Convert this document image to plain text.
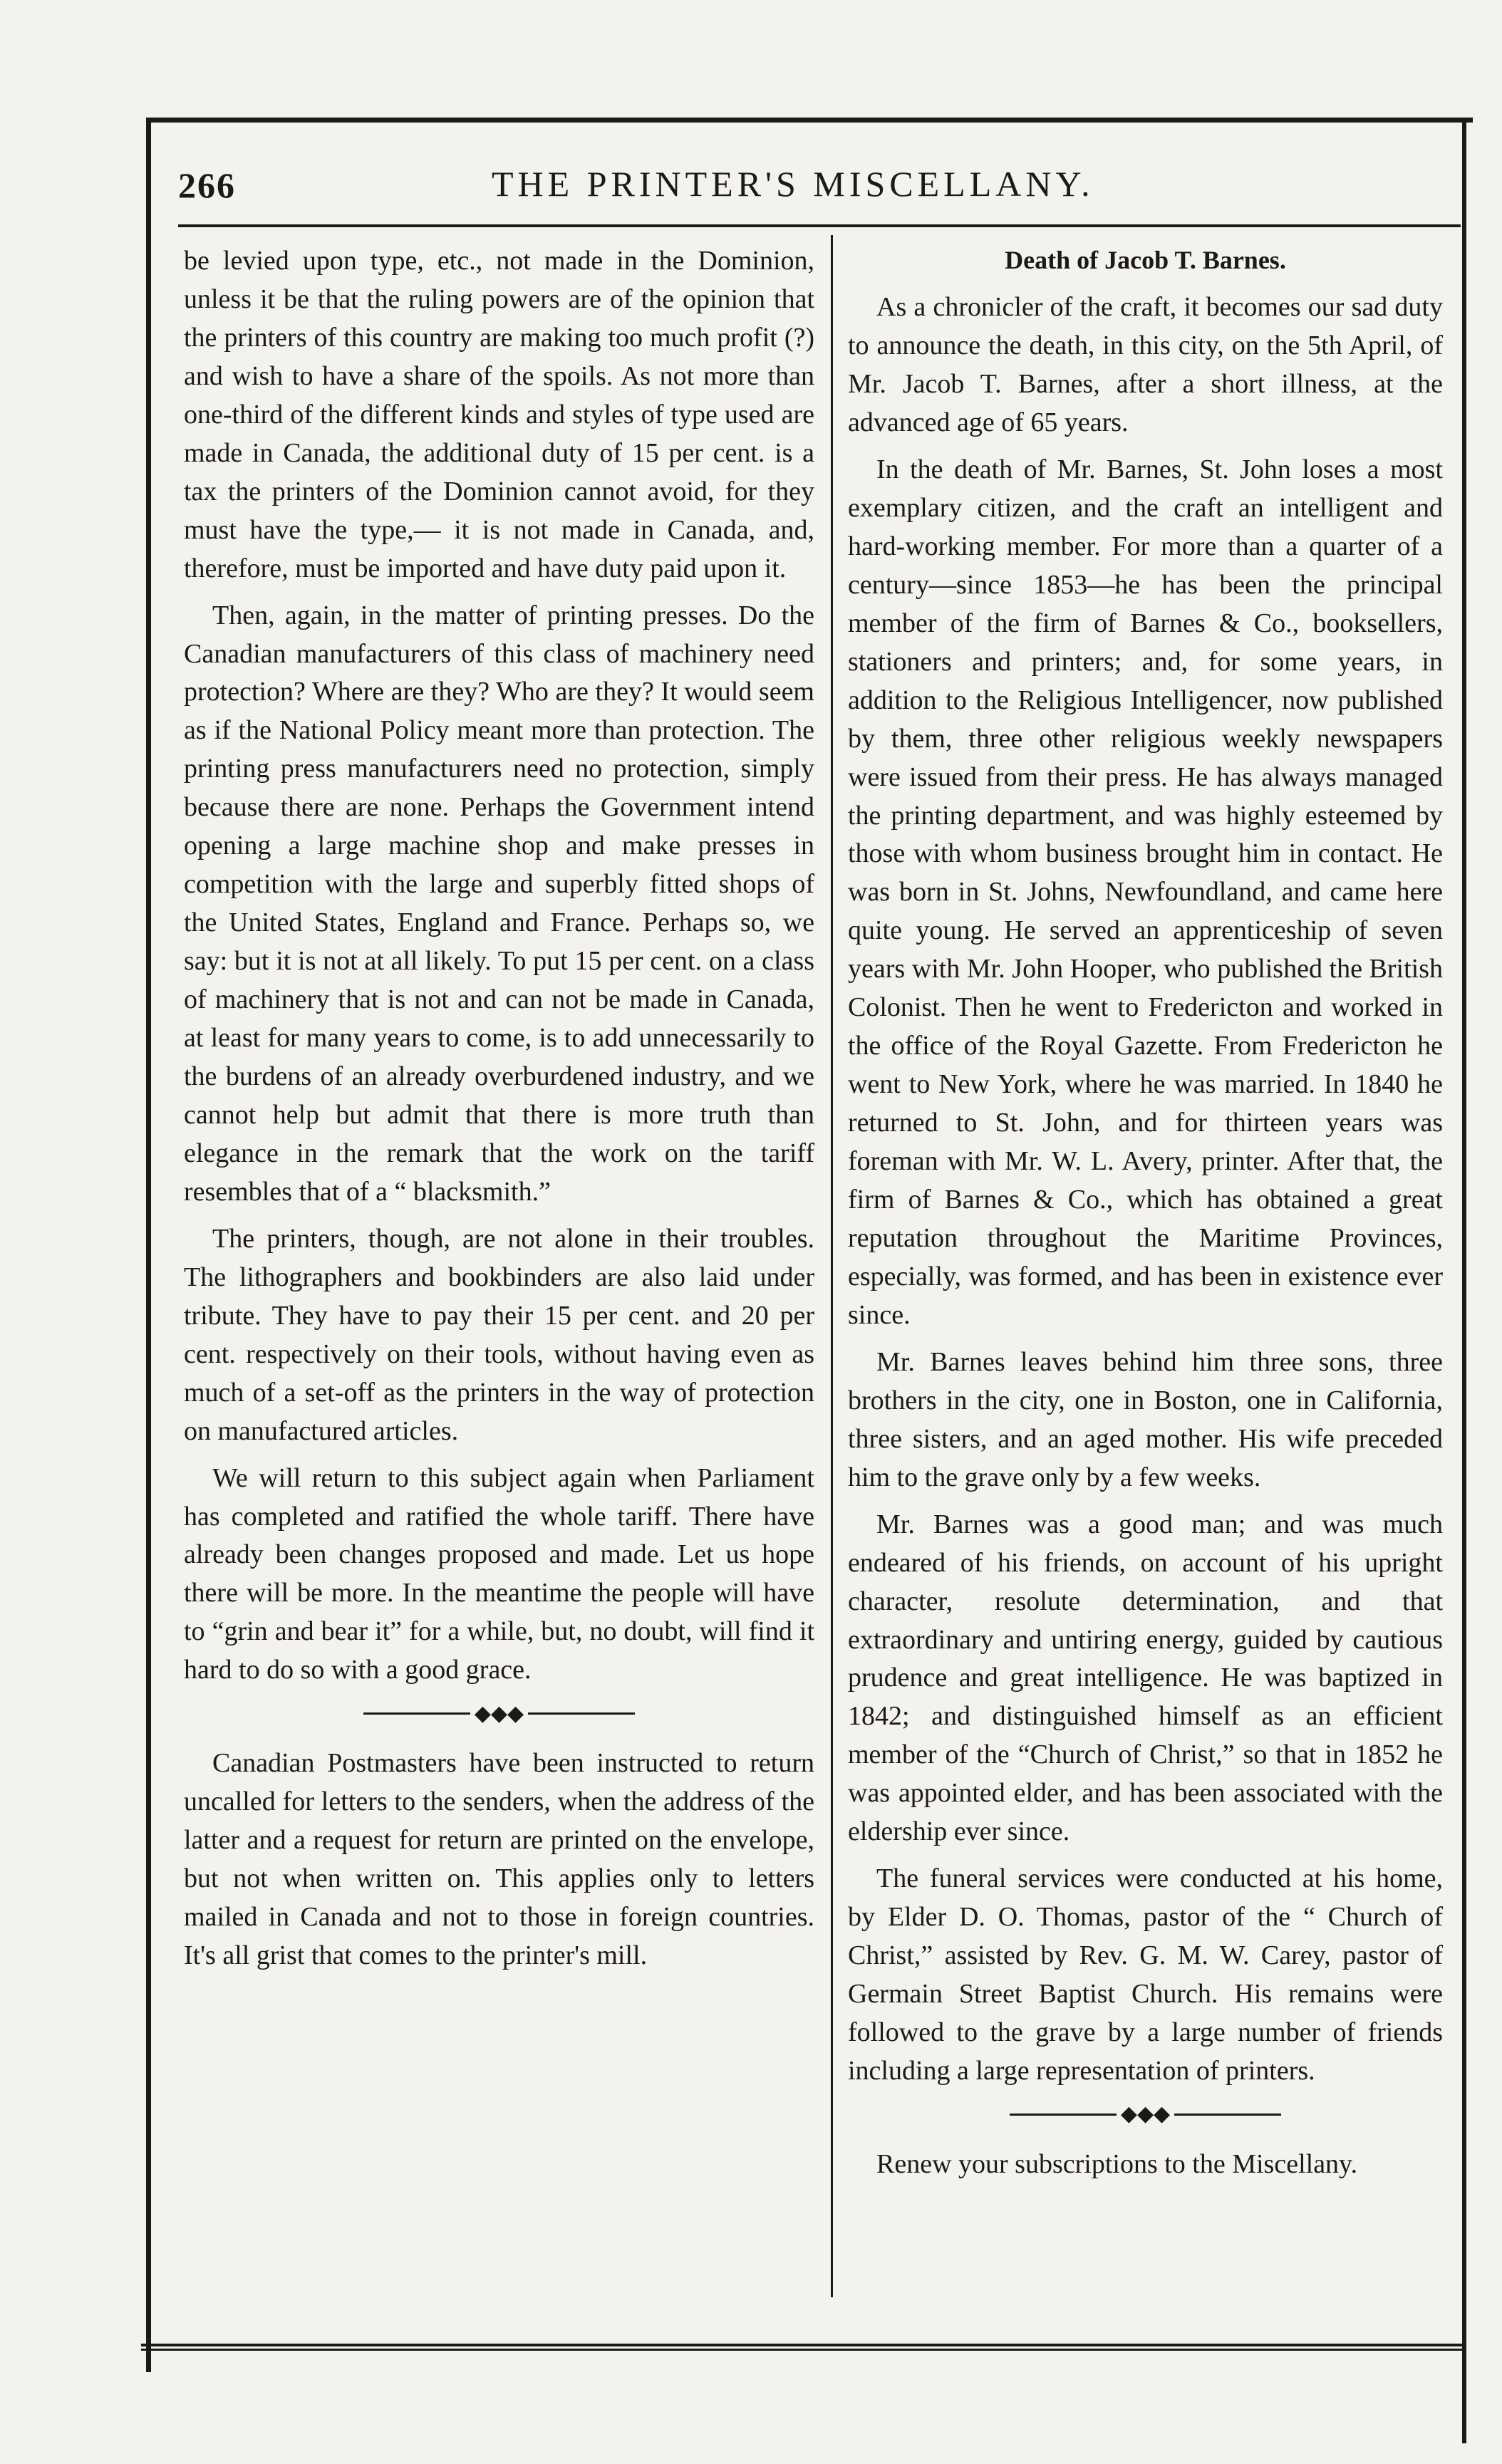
266	THE PRINTER'S MISCELLANY.

be levied upon type, etc., not made in the Dominion, unless it be that the ruling powers are of the opinion that the printers of this country are making too much profit (?) and wish to have a share of the spoils. As not more than one-third of the different kinds and styles of type used are made in Canada, the additional duty of 15 per cent. is a tax the printers of the Dominion cannot avoid, for they must have the type,— it is not made in Canada, and, therefore, must be imported and have duty paid upon it.

Then, again, in the matter of printing presses. Do the Canadian manufacturers of this class of machinery need protection? Where are they? Who are they? It would seem as if the National Policy meant more than protection. The printing press manufacturers need no protection, simply because there are none. Perhaps the Government intend opening a large machine shop and make presses in competition with the large and superbly fitted shops of the United States, England and France. Perhaps so, we say: but it is not at all likely. To put 15 per cent. on a class of machinery that is not and can not be made in Canada, at least for many years to come, is to add unnecessarily to the burdens of an already overburdened industry, and we cannot help but admit that there is more truth than elegance in the remark that the work on the tariff resembles that of a “ blacksmith.”

The printers, though, are not alone in their troubles. The lithographers and bookbinders are also laid under tribute. They have to pay their 15 per cent. and 20 per cent. respectively on their tools, without having even as much of a set-off as the printers in the way of protection on manufactured articles.

We will return to this subject again when Parliament has completed and ratified the whole tariff. There have already been changes proposed and made. Let us hope there will be more. In the meantime the people will have to “grin and bear it” for a while, but, no doubt, will find it hard to do so with a good grace.

◆◆◆

Canadian Postmasters have been instructed to return uncalled for letters to the senders, when the address of the latter and a request for return are printed on the envelope, but not when written on. This applies only to letters mailed in Canada and not to those in foreign countries. It's all grist that comes to the printer's mill.

Death of Jacob T. Barnes.

As a chronicler of the craft, it becomes our sad duty to announce the death, in this city, on the 5th April, of Mr. Jacob T. Barnes, after a short illness, at the advanced age of 65 years.

In the death of Mr. Barnes, St. John loses a most exemplary citizen, and the craft an intelligent and hard-working member. For more than a quarter of a century—since 1853—he has been the principal member of the firm of Barnes & Co., booksellers, stationers and printers; and, for some years, in addition to the Religious Intelligencer, now published by them, three other religious weekly newspapers were issued from their press. He has always managed the printing department, and was highly esteemed by those with whom business brought him in contact. He was born in St. Johns, Newfoundland, and came here quite young. He served an apprenticeship of seven years with Mr. John Hooper, who published the British Colonist. Then he went to Fredericton and worked in the office of the Royal Gazette. From Fredericton he went to New York, where he was married. In 1840 he returned to St. John, and for thirteen years was foreman with Mr. W. L. Avery, printer. After that, the firm of Barnes & Co., which has obtained a great reputation throughout the Maritime Provinces, especially, was formed, and has been in existence ever since.

Mr. Barnes leaves behind him three sons, three brothers in the city, one in Boston, one in California, three sisters, and an aged mother. His wife preceded him to the grave only by a few weeks.

Mr. Barnes was a good man; and was much endeared of his friends, on account of his upright character, resolute determination, and that extraordinary and untiring energy, guided by cautious prudence and great intelligence. He was baptized in 1842; and distinguished himself as an efficient member of the “Church of Christ,” so that in 1852 he was appointed elder, and has been associated with the eldership ever since.

The funeral services were conducted at his home, by Elder D. O. Thomas, pastor of the “ Church of Christ,” assisted by Rev. G. M. W. Carey, pastor of Germain Street Baptist Church. His remains were followed to the grave by a large number of friends including a large representation of printers.

◆◆◆

Renew your subscriptions to the Miscellany.
